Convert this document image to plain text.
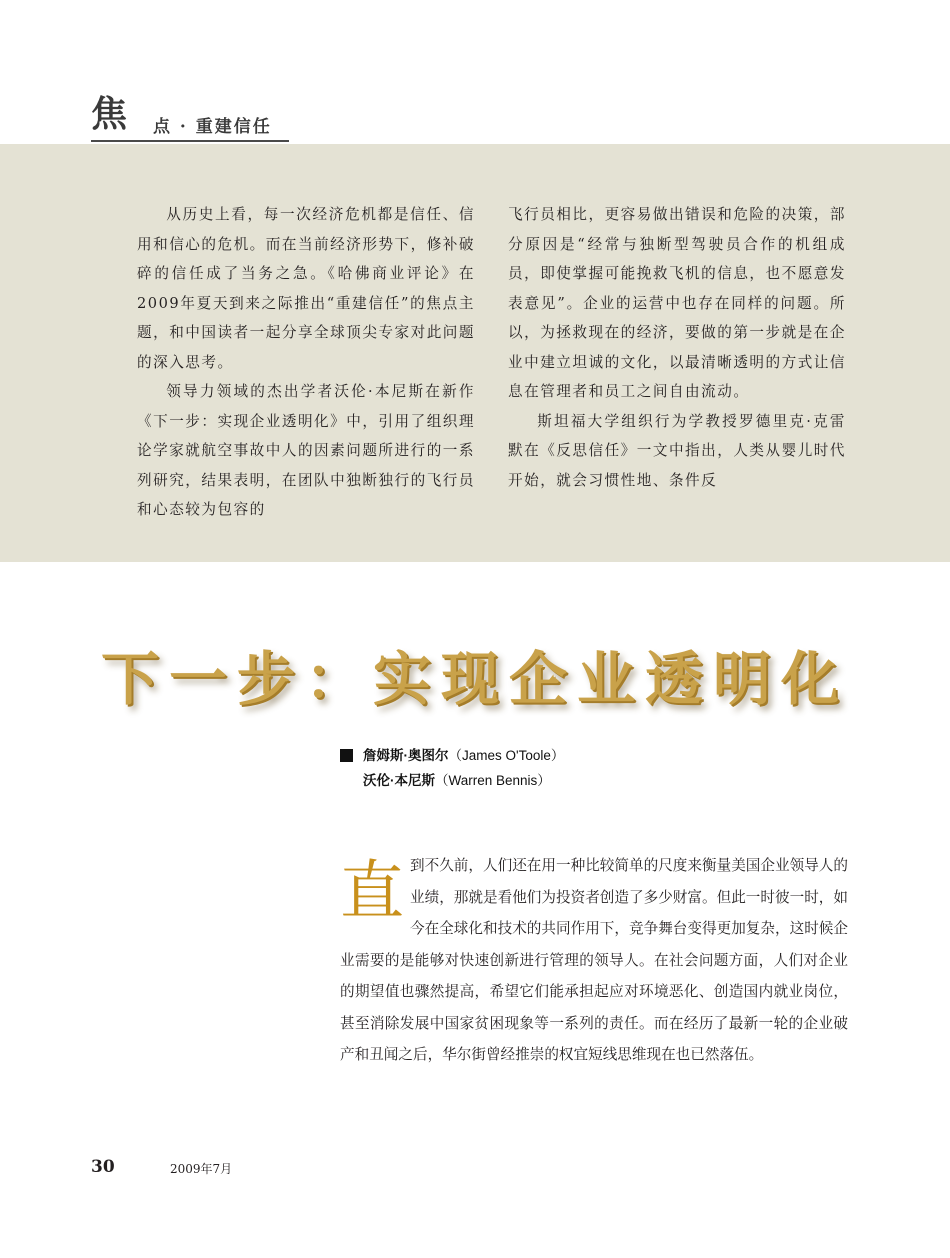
焦 点 · 重建信任

从历史上看，每一次经济危机都是信任、信用和信心的危机。而在当前经济形势下，修补破碎的信任成了当务之急。《哈佛商业评论》在2009年夏天到来之际推出“重建信任”的焦点主题，和中国读者一起分享全球顶尖专家对此问题的深入思考。

领导力领域的杰出学者沃伦·本尼斯在新作《下一步：实现企业透明化》中，引用了组织理论学家就航空事故中人的因素问题所进行的一系列研究，结果表明，在团队中独断独行的飞行员和心态较为包容的

飞行员相比，更容易做出错误和危险的决策，部分原因是“经常与独断型驾驶员合作的机组成员，即使掌握可能挽救飞机的信息，也不愿意发表意见”。企业的运营中也存在同样的问题。所以，为拯救现在的经济，要做的第一步就是在企业中建立坦诚的文化，以最清晰透明的方式让信息在管理者和员工之间自由流动。

斯坦福大学组织行为学教授罗德里克·克雷默在《反思信任》一文中指出，人类从婴儿时代开始，就会习惯性地、条件反

下一步：实现企业透明化
詹姆斯·奥图尔 （James O'Toole）
沃伦·本尼斯 （Warren Bennis）
直 到不久前，人们还在用一种比较简单的尺度来衡量美国企业领导人的业绩，那就是看他们为投资者创造了多少财富。但此一时彼一时，如今在全球化和技术的共同作用下，竞争舞台变得更加复杂，这时候企业需要的是能够对快速创新进行管理的领导人。在社会问题方面，人们对企业的期望值也骤然提高，希望它们能承担起应对环境恶化、创造国内就业岗位，甚至消除发展中国家贫困现象等一系列的责任。而在经历了最新一轮的企业破产和丑闻之后，华尔街曾经推崇的权宜短线思维现在也已然落伍。

30	2009年7月
